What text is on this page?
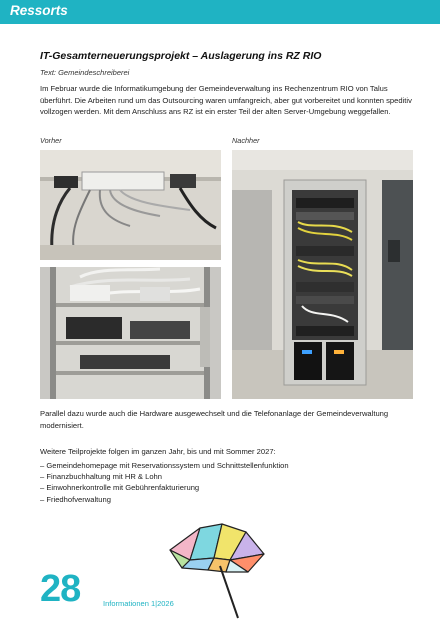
Ressorts
IT-Gesamterneuerungsprojekt – Auslagerung ins RZ RIO
Text: Gemeindeschreiberei
Im Februar wurde die Informatikumgebung der Gemeindeverwaltung ins Rechenzentrum RIO von Talus überführt. Die Arbeiten rund um das Outsourcing waren umfangreich, aber gut vorbereitet und konnten speditiv vollzogen werden. Mit dem Anschluss ans RZ ist ein erster Teil der alten Server-Umgebung weggefallen.
Vorher	Nachher
Parallel dazu wurde auch die Hardware ausgewechselt und die Telefonanlage der Gemeindeverwaltung modernisiert.
Weitere Teilprojekte folgen im ganzen Jahr, bis und mit Sommer 2027:
– Gemeindehomepage mit Reservationssystem und Schnittstellenfunktion
– Finanzbuchhaltung mit HR & Lohn
– Einwohnerkontrolle mit Gebührenfakturierung
– Friedhofverwaltung
28	Informationen 1|2026
